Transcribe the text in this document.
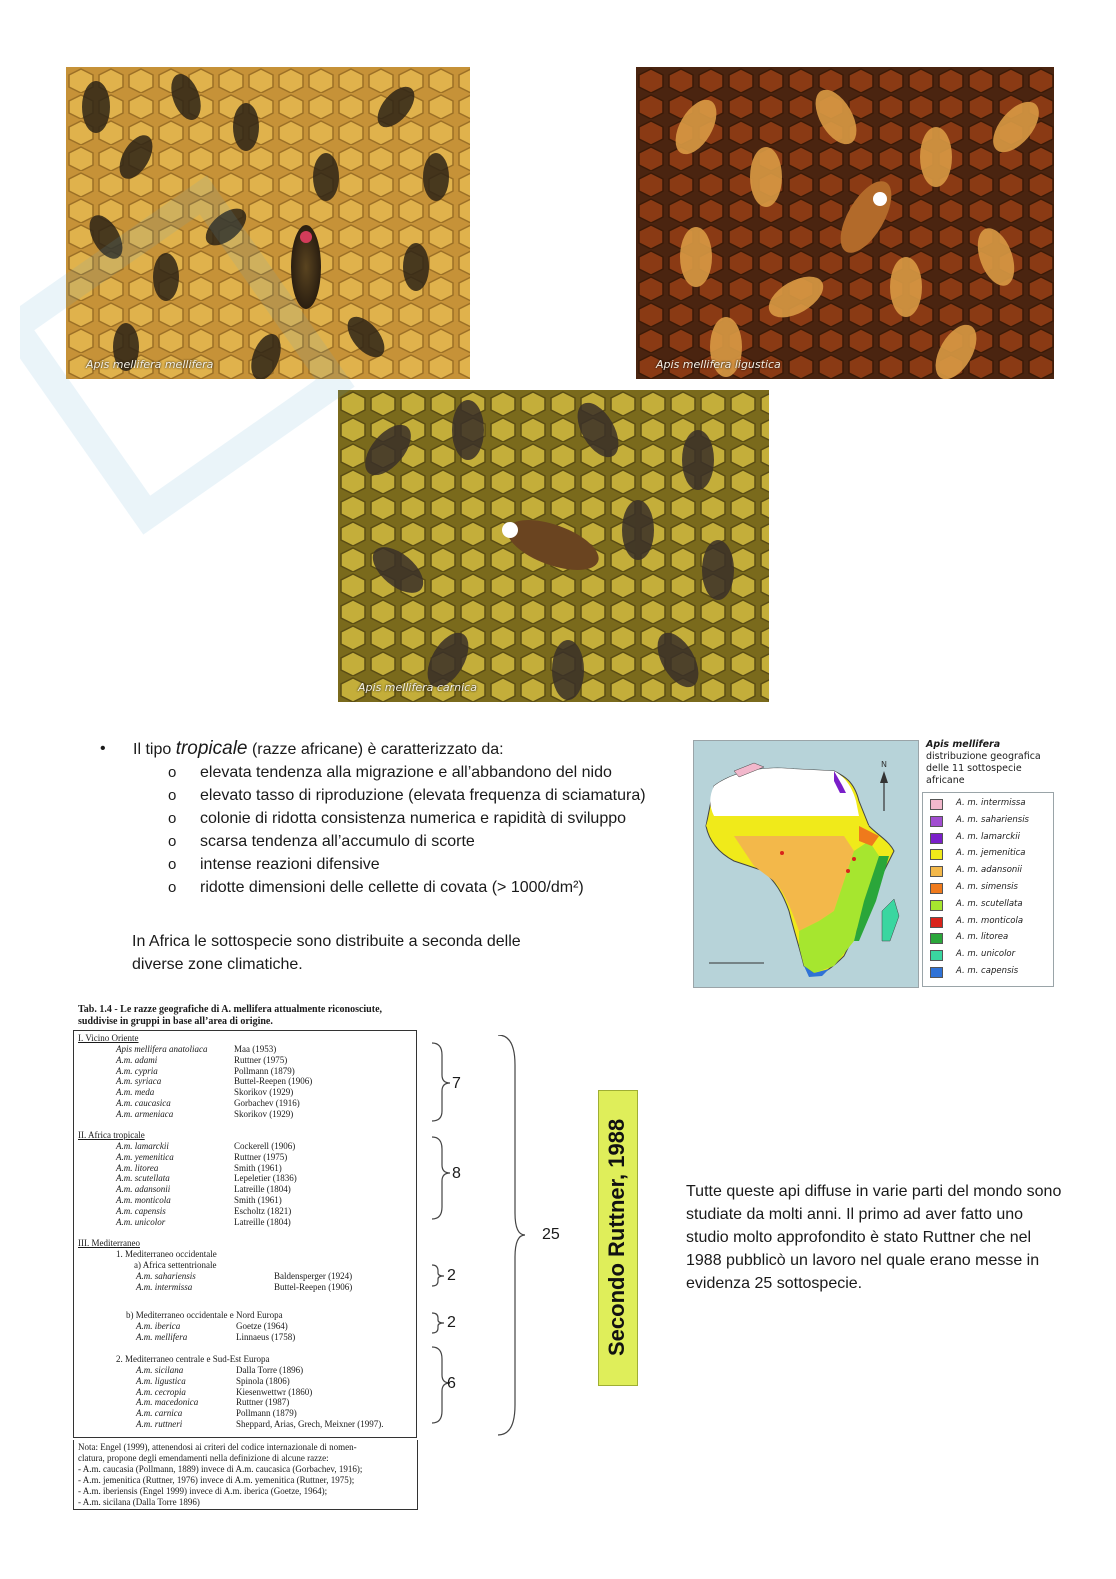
Apis mellifera mellifera	Apis mellifera ligustica
Apis mellifera carnica
• Il tipo tropicale (razze africane) è caratterizzato da:
o elevata tendenza alla migrazione e all’abbandono del nido
o elevato tasso di riproduzione (elevata frequenza di sciamatura)
o colonie di ridotta consistenza numerica e rapidità di sviluppo
o scarsa tendenza all’accumulo di scorte
o intense reazioni difensive
o ridotte dimensioni delle cellette di covata (> 1000/dm²)
In Africa le sottospecie sono distribuite a seconda delle diverse zone climatiche.
N
Apis mellifera
distribuzione geografica
delle 11 sottospecie
africane
A. m. intermissa
A. m. sahariensis
A. m. lamarckii
A. m. jemenitica
A. m. adansonii
A. m. simensis
A. m. scutellata
A. m. monticola
A. m. litorea
A. m. unicolor
A. m. capensis
Tab. 1.4 - Le razze geografiche di A. mellifera attualmente riconosciute, suddivise in gruppi in base all’area di origine.
I. Vicino Oriente
Apis mellifera anatoliaca	Maa (1953)
A.m. adami	Ruttner (1975)
A.m. cypria	Pollmann (1879)
A.m. syriaca	Buttel-Reepen (1906)
A.m. meda	Skorikov (1929)
A.m. caucasica	Gorbachev (1916)
A.m. armeniaca	Skorikov (1929)
II. Africa tropicale
A.m. lamarckii	Cockerell (1906)
A.m. yemenitica	Ruttner (1975)
A.m. litorea	Smith (1961)
A.m. scutellata	Lepeletier (1836)
A.m. adansonii	Latreille (1804)
A.m. monticola	Smith (1961)
A.m. capensis	Escholtz (1821)
A.m. unicolor	Latreille (1804)
III. Mediterraneo
1. Mediterraneo occidentale
a) Africa settentrionale
A.m. sahariensis	Baldensperger (1924)
A.m. intermissa	Buttel-Reepen (1906)
b) Mediterraneo occidentale e Nord Europa
A.m. iberica	Goetze (1964)
A.m. mellifera	Linnaeus (1758)
2. Mediterraneo centrale e Sud-Est Europa
A.m. sicilana	Dalla Torre (1896)
A.m. ligustica	Spinola (1806)
A.m. cecropia	Kiesenwettwr (1860)
A.m. macedonica	Ruttner (1987)
A.m. carnica	Pollmann (1879)
A.m. ruttneri	Sheppard, Arias, Grech, Meixner (1997).
Nota: Engel (1999), attenendosi ai criteri del codice internazionale di nomen-
clatura, propone degli emendamenti nella definizione di alcune razze:
- A.m. caucasia (Pollmann, 1889) invece di A.m. caucasica (Gorbachev, 1916);
- A.m. jemenitica (Ruttner, 1976) invece di A.m. yemenitica (Ruttner, 1975);
- A.m. iberiensis (Engel 1999) invece di A.m. iberica (Goetze, 1964);
- A.m. sicilana (Dalla Torre 1896)
7
8
2
2
6
25 Secondo Ruttner, 1988	Tutte queste api diffuse in varie parti del mondo sono studiate da molti anni. Il primo ad aver fatto uno studio molto approfondito è stato Ruttner che nel 1988 pubblicò un lavoro nel quale erano messe in evidenza 25 sottospecie.
